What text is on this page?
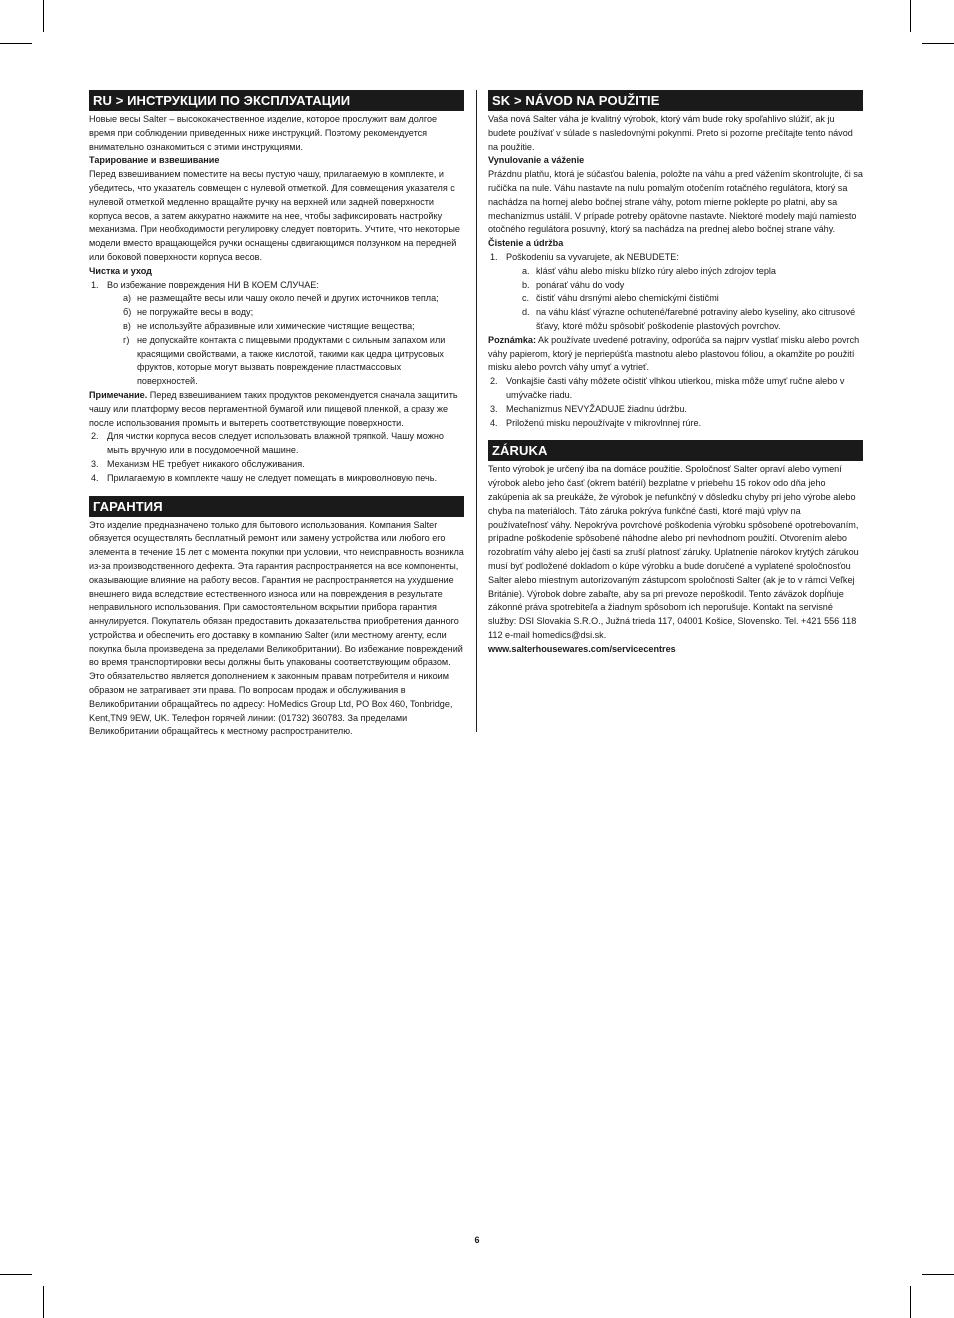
RU > ИНСТРУКЦИИ ПО ЭКСПЛУАТАЦИИ

Новые весы Salter – высококачественное изделие, которое прослужит вам долгое время при соблюдении приведенных ниже инструкций. Поэтому рекомендуется внимательно ознакомиться с этими инструкциями.

Тарирование и взвешивание

Перед взвешиванием поместите на весы пустую чашу, прилагаемую в комплекте, и убедитесь, что указатель совмещен с нулевой отметкой. Для совмещения указателя с нулевой отметкой медленно вращайте ручку на верхней или задней поверхности корпуса весов, а затем аккуратно нажмите на нее, чтобы зафиксировать настройку механизма. При необходимости регулировку следует повторить. Учтите, что некоторые модели вместо вращающейся ручки оснащены сдвигающимся ползунком на передней или боковой поверхности корпуса весов.

Чистка и уход

1. Во избежание повреждения НИ В КОЕМ СЛУЧАЕ:
а) не размещайте весы или чашу около печей и других источников тепла;
б) не погружайте весы в воду;
в) не используйте абразивные или химические чистящие вещества;
г) не допускайте контакта с пищевыми продуктами с сильным запахом или красящими свойствами, а также кислотой, такими как цедра цитрусовых фруктов, которые могут вызвать повреждение пластмассовых поверхностей.

Примечание. Перед взвешиванием таких продуктов рекомендуется сначала защитить чашу или платформу весов пергаментной бумагой или пищевой пленкой, а сразу же после использования промыть и вытереть соответствующие поверхности.

2. Для чистки корпуса весов следует использовать влажной тряпкой. Чашу можно мыть вручную или в посудомоечной машине.
3. Механизм НЕ требует никакого обслуживания.
4. Прилагаемую в комплекте чашу не следует помещать в микроволновую печь.
ГАРАНТИЯ

Это изделие предназначено только для бытового использования. Компания Salter обязуется осуществлять бесплатный ремонт или замену устройства или любого его элемента в течение 15 лет с момента покупки при условии, что неисправность возникла из-за производственного дефекта. Эта гарантия распространяется на все компоненты, оказывающие влияние на работу весов. Гарантия не распространяется на ухудшение внешнего вида вследствие естественного износа или на повреждения в результате неправильного использования. При самостоятельном вскрытии прибора гарантия аннулируется. Покупатель обязан предоставить доказательства приобретения данного устройства и обеспечить его доставку в компанию Salter (или местному агенту, если покупка была произведена за пределами Великобритании). Во избежание повреждений во время транспортировки весы должны быть упакованы соответствующим образом. Это обязательство является дополнением к законным правам потребителя и никоим образом не затрагивает эти права. По вопросам продаж и обслуживания в Великобритании обращайтесь по адресу: HoMedics Group Ltd, PO Box 460, Tonbridge, Kent,TN9 9EW, UK. Телефон горячей линии: (01732) 360783. За пределами Великобритании обращайтесь к местному распространителю.

SK > NÁVOD NA POUŽITIE

Vaša nová Salter váha je kvalitný výrobok, ktorý vám bude roky spoľahlivo slúžiť, ak ju budete používať v súlade s nasledovnými pokynmi. Preto si pozorne prečítajte tento návod na použitie.

Vynulovanie a váženie

Prázdnu platňu, ktorá je súčasťou balenia, položte na váhu a pred vážením skontrolujte, či sa ručička na nule. Váhu nastavte na nulu pomalým otočením rotačného regulátora, ktorý sa nachádza na hornej alebo bočnej strane váhy, potom mierne poklepte po platni, aby sa mechanizmus ustálil. V prípade potreby opätovne nastavte. Niektoré modely majú namiesto otočného regulátora posuvný, ktorý sa nachádza na prednej alebo bočnej strane váhy.

Čistenie a údržba

1. Poškodeniu sa vyvarujete, ak NEBUDETE:
a. klásť váhu alebo misku blízko rúry alebo iných zdrojov tepla
b. ponárať váhu do vody
c. čistiť váhu drsnými alebo chemickými čističmi
d. na váhu klásť výrazne ochutené/farebné potraviny alebo kyseliny, ako citrusové šťavy, ktoré môžu spôsobiť poškodenie plastových povrchov.

Poznámka: Ak používate uvedené potraviny, odporúča sa najprv vystlať misku alebo povrch váhy papierom, ktorý je nepriepúšťa mastnotu alebo plastovou fóliou, a okamžite po použití misku alebo povrch váhy umyť a vytrieť.

2. Vonkajšie časti váhy môžete očistiť vlhkou utierkou, miska môže umyť ručne alebo v umývačke riadu.
3. Mechanizmus NEVYŽADUJE žiadnu údržbu.
4. Priloženú misku nepoužívajte v mikrovlnnej rúre.
ZÁRUKA

Tento výrobok je určený iba na domáce použitie. Spoločnosť Salter opraví alebo vymení výrobok alebo jeho časť (okrem batérií) bezplatne v priebehu 15 rokov odo dňa jeho zakúpenia ak sa preukáže, že výrobok je nefunkčný v dôsledku chyby pri jeho výrobe alebo chyba na materiáloch. Táto záruka pokrýva funkčné časti, ktoré majú vplyv na používateľnosť váhy. Nepokrýva povrchové poškodenia výrobku spôsobené opotrebovaním, prípadne poškodenie spôsobené náhodne alebo pri nevhodnom použití. Otvorením alebo rozobratím váhy alebo jej časti sa zruší platnosť záruky. Uplatnenie nárokov krytých zárukou musí byť podložené dokladom o kúpe výrobku a bude doručené a vyplatené spoločnosťou Salter alebo miestnym autorizovaným zástupcom spoločnosti Salter (ak je to v rámci Veľkej Británie). Výrobok dobre zabaľte, aby sa pri prevoze nepoškodil. Tento záväzok dopĺňuje zákonné práva spotrebiteľa a žiadnym spôsobom ich neporušuje. Kontakt na servisné služby: DSI Slovakia S.R.O., Južná trieda 117, 04001 Košice, Slovensko. Tel. +421 556 118 112 e-mail homedics@dsi.sk.

www.salterhousewares.com/servicecentres

6
